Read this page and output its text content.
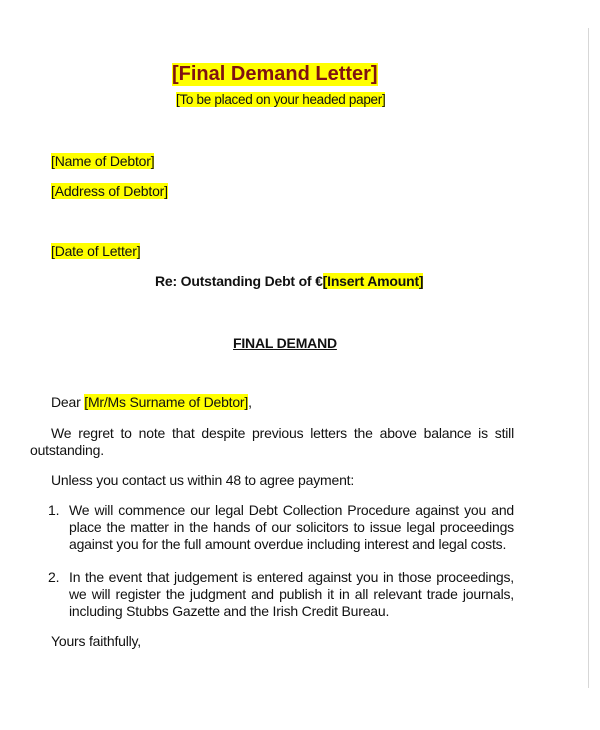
[Final Demand Letter]
[To be placed on your headed paper]
[Name of Debtor]
[Address of Debtor]
[Date of Letter]
Re: Outstanding Debt of €[Insert Amount]
FINAL DEMAND
Dear [Mr/Ms Surname of Debtor],
We regret to note that despite previous letters the above balance is still outstanding.
Unless you contact us within 48 to agree payment:
1. We will commence our legal Debt Collection Procedure against you and place the matter in the hands of our solicitors to issue legal proceedings against you for the full amount overdue including interest and legal costs.
2. In the event that judgement is entered against you in those proceedings, we will register the judgment and publish it in all relevant trade journals, including Stubbs Gazette and the Irish Credit Bureau.
Yours faithfully,
